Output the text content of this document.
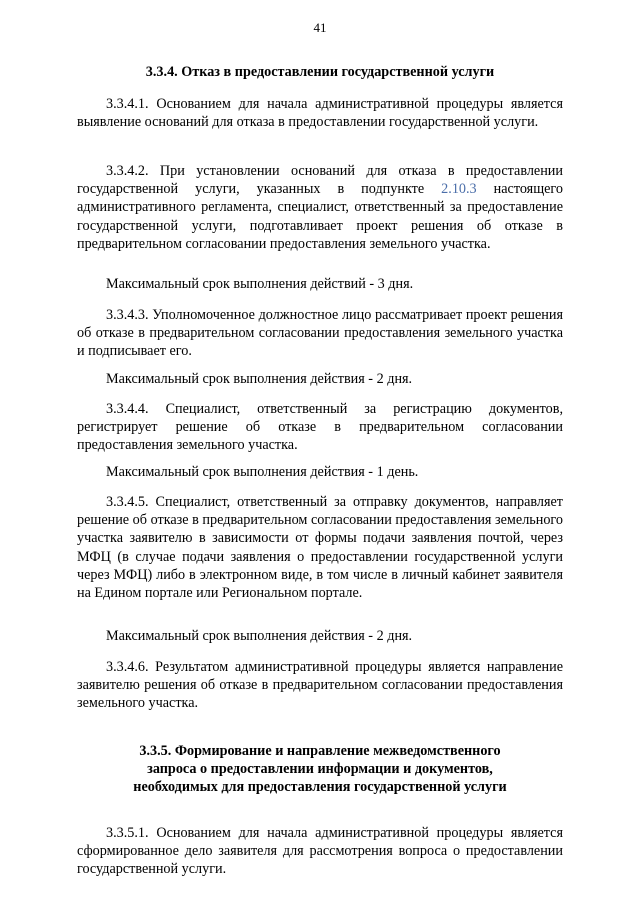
41
3.3.4. Отказ в предоставлении государственной услуги

3.3.4.1. Основанием для начала административной процедуры является выявление оснований для отказа в предоставлении государственной услуги.

3.3.4.2. При установлении оснований для отказа в предоставлении государственной услуги, указанных в подпункте 2.10.3 настоящего административного регламента, специалист, ответственный за предоставление государственной услуги, подготавливает проект решения об отказе в предварительном согласовании предоставления земельного участка.

Максимальный срок выполнения действий - 3 дня.

3.3.4.3. Уполномоченное должностное лицо рассматривает проект решения об отказе в предварительном согласовании предоставления земельного участка и подписывает его.

Максимальный срок выполнения действия - 2 дня.

3.3.4.4. Специалист, ответственный за регистрацию документов, регистрирует решение об отказе в предварительном согласовании предоставления земельного участка.

Максимальный срок выполнения действия - 1 день.

3.3.4.5. Специалист, ответственный за отправку документов, направляет решение об отказе в предварительном согласовании предоставления земельного участка заявителю в зависимости от формы подачи заявления почтой, через МФЦ (в случае подачи заявления о предоставлении государственной услуги через МФЦ) либо в электронном виде, в том числе в личный кабинет заявителя на Едином портале или Региональном портале.

Максимальный срок выполнения действия - 2 дня.

3.3.4.6. Результатом административной процедуры является направление заявителю решения об отказе в предварительном согласовании предоставления земельного участка.

3.3.5. Формирование и направление межведомственного
запроса о предоставлении информации и документов,
необходимых для предоставления государственной услуги

3.3.5.1. Основанием для начала административной процедуры является сформированное дело заявителя для рассмотрения вопроса о предоставлении государственной услуги.
